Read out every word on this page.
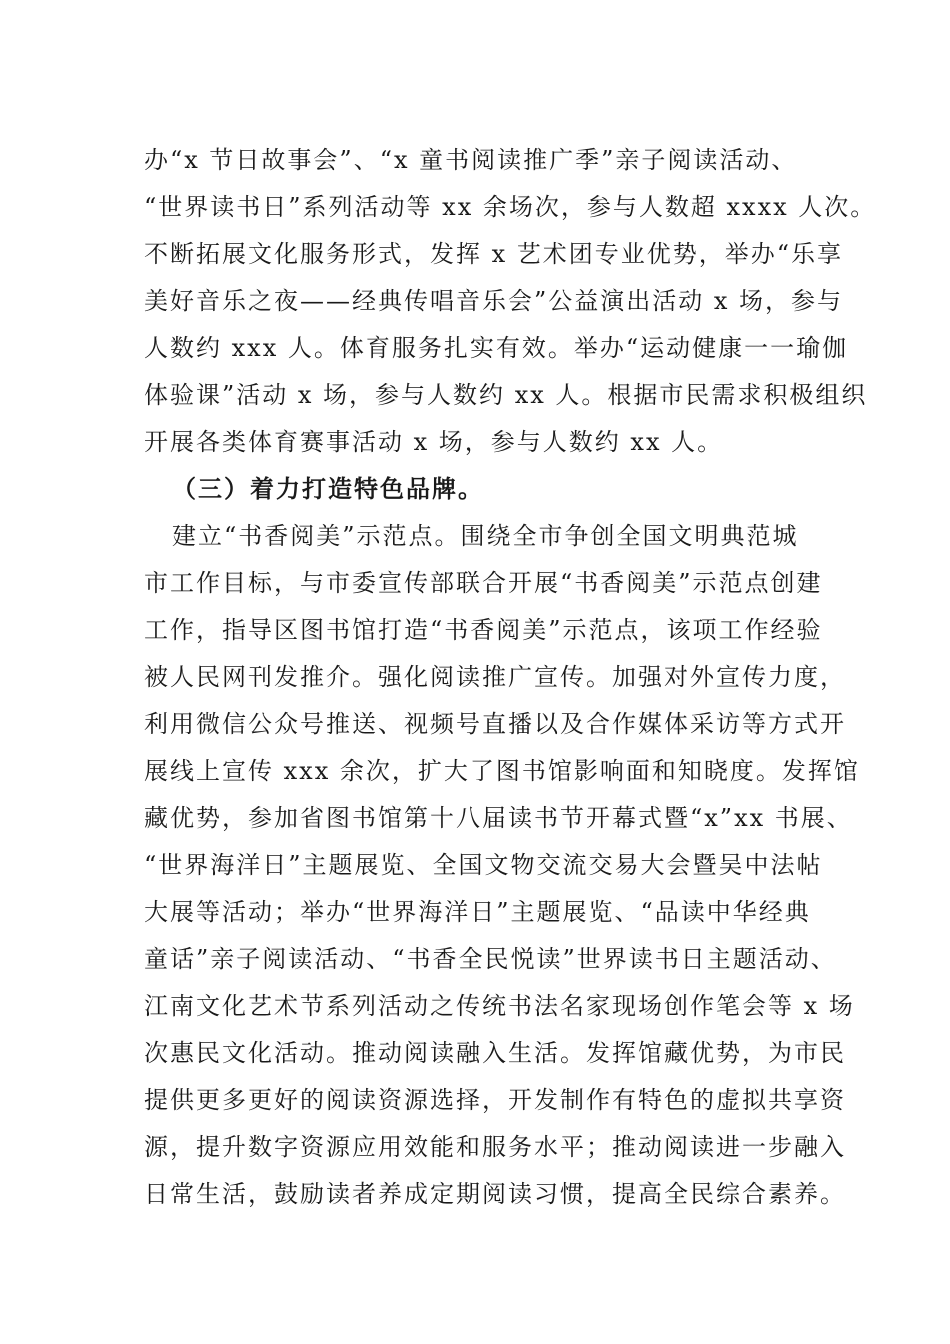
办“x 节日故事会”、“x 童书阅读推广季”亲子阅读活动、
“世界读书日”系列活动等 xx 余场次，参与人数超 xxxx 人次。
不断拓展文化服务形式，发挥 x 艺术团专业优势，举办“乐享
美好音乐之夜——经典传唱音乐会”公益演出活动 x 场，参与
人数约 xxx 人。体育服务扎实有效。举办“运动健康一一瑜伽
体验课”活动 x 场，参与人数约 xx 人。根据市民需求积极组织
开展各类体育赛事活动 x 场，参与人数约 xx 人。
（三）着力打造特色品牌。
建立“书香阅美”示范点。围绕全市争创全国文明典范城
市工作目标，与市委宣传部联合开展“书香阅美”示范点创建
工作，指导区图书馆打造“书香阅美”示范点，该项工作经验
被人民网刊发推介。强化阅读推广宣传。加强对外宣传力度，
利用微信公众号推送、视频号直播以及合作媒体采访等方式开
展线上宣传 xxx 余次，扩大了图书馆影响面和知晓度。发挥馆
藏优势，参加省图书馆第十八届读书节开幕式暨“x”xx 书展、
“世界海洋日”主题展览、全国文物交流交易大会暨吴中法帖
大展等活动；举办“世界海洋日”主题展览、“品读中华经典
童话”亲子阅读活动、“书香全民悦读”世界读书日主题活动、
江南文化艺术节系列活动之传统书法名家现场创作笔会等 x 场
次惠民文化活动。推动阅读融入生活。发挥馆藏优势，为市民
提供更多更好的阅读资源选择，开发制作有特色的虚拟共享资
源，提升数字资源应用效能和服务水平；推动阅读进一步融入
日常生活，鼓励读者养成定期阅读习惯，提高全民综合素养。
